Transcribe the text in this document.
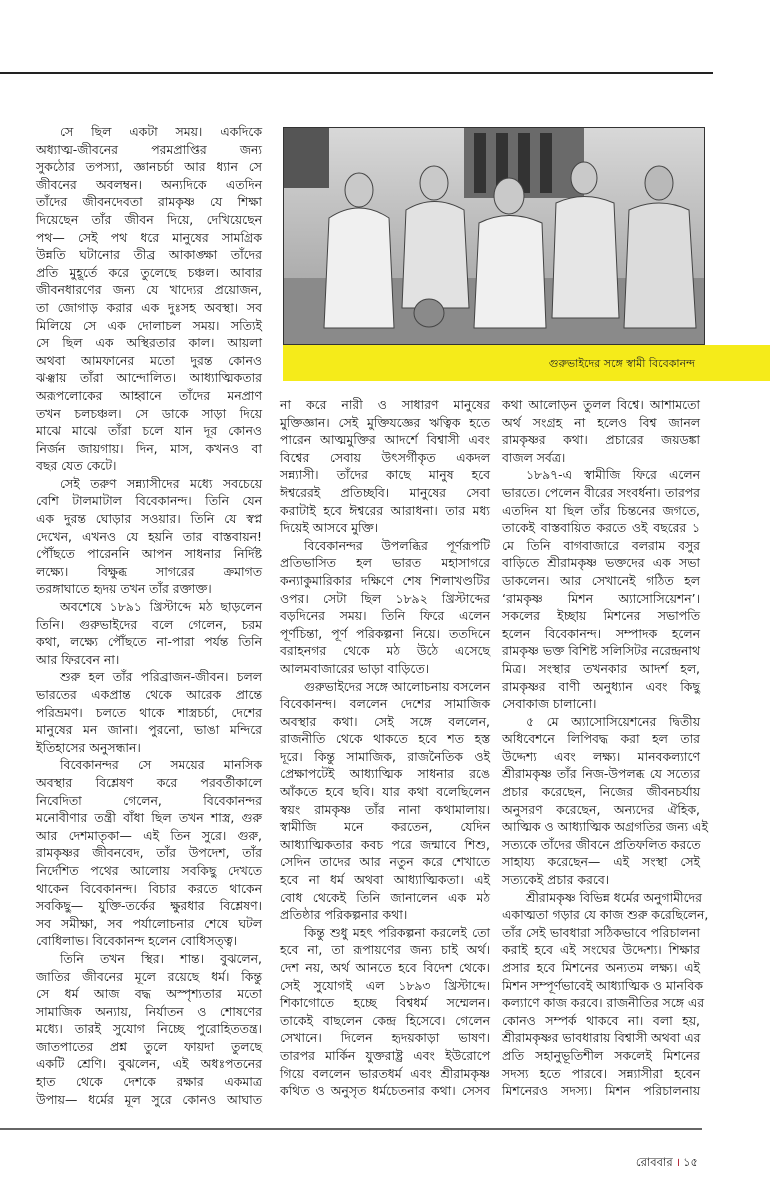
সে ছিল একটা সময়। একদিকে
অধ্যাত্ম-জীবনের পরমপ্রাপ্তির জন্য
সুকঠোর তপস্যা, জ্ঞানচর্চা আর ধ্যান সে
জীবনের অবলম্বন। অন্যদিকে এতদিন
তাঁদের জীবনদেবতা রামকৃষ্ণ যে শিক্ষা
দিয়েছেন তাঁর জীবন দিয়ে, দেখিয়েছেন
পথ— সেই পথ ধরে মানুষের সামগ্রিক
উন্নতি ঘটানোর তীব্র আকাঙ্ক্ষা তাঁদের
প্রতি মুহূর্তে করে তুলেছে চঞ্চল। আবার
জীবনধারণের জন্য যে খাদ্যের প্রয়োজন,
তা জোগাড় করার এক দুঃসহ অবস্থা। সব
মিলিয়ে সে এক দোলাচল সময়। সত্যিই
সে ছিল এক অস্থিরতার কাল। আয়লা
অথবা আমফানের মতো দুরন্ত কোনও
ঝঞ্ঝায় তাঁরা আন্দোলিত। আধ্যাত্মিকতার
অরূপলোকের আহ্বানে তাঁদের মনপ্রাণ
তখন চলচঞ্চল। সে ডাকে সাড়া দিয়ে
মাঝে মাঝে তাঁরা চলে যান দূর কোনও
নির্জন জায়গায়। দিন, মাস, কখনও বা
বছর যেত কেটে।
সেই তরুণ সন্ন্যাসীদের মধ্যে সবচেয়ে
বেশি টালমাটাল বিবেকানন্দ। তিনি যেন
এক দুরন্ত ঘোড়ার সওয়ার। তিনি যে স্বপ্ন
দেখেন, এখনও যে হয়নি তার বাস্তবায়ন!
পৌঁছতে পারেননি আপন সাধনার নির্দিষ্ট
লক্ষ্যে। বিক্ষুব্ধ সাগরের ক্রমাগত
তরঙ্গাঘাতে হৃদয় তখন তাঁর রক্তাক্ত।
অবশেষে ১৮৯১ খ্রিস্টাব্দে মঠ ছাড়লেন
তিনি। গুরুভাইদের বলে গেলেন, চরম
কথা, লক্ষ্যে পৌঁছতে না-পারা পর্যন্ত তিনি
আর ফিরবেন না।
শুরু হল তাঁর পরিব্রাজন-জীবন। চলল
ভারতের একপ্রান্ত থেকে আরেক প্রান্তে
পরিভ্রমণ। চলতে থাকে শাস্ত্রচর্চা, দেশের
মানুষের মন জানা। পুরনো, ভাঙা মন্দিরে
ইতিহাসের অনুসন্ধান।
বিবেকানন্দর সে সময়ের মানসিক
অবস্থার বিশ্লেষণ করে পরবর্তীকালে
নিবেদিতা গেলেন, বিবেকানন্দর
মনোবীণার তন্ত্রী বাঁধা ছিল তখন শাস্ত্র, গুরু
আর দেশমাতৃকা— এই তিন সুরে। গুরু,
রামকৃষ্ণর জীবনবেদ, তাঁর উপদেশ, তাঁর
নির্দেশিত পথের আলোয় সবকিছু দেখতে
থাকেন বিবেকানন্দ। বিচার করতে থাকেন
সবকিছু— যুক্তি-তর্কের ক্ষুরধার বিশ্লেষণ।
সব সমীক্ষা, সব পর্যালোচনার শেষে ঘটল
বোধিলাভ। বিবেকানন্দ হলেন বোধিসত্ত্ব।
তিনি তখন স্থির। শান্ত। বুঝলেন,
জাতির জীবনের মূলে রয়েছে ধর্ম। কিন্তু
সে ধর্ম আজ বদ্ধ অস্পৃশ্যতার মতো
সামাজিক অন্যায়, নির্যাতন ও শোষণের
মধ্যে। তারই সুযোগ নিচ্ছে পুরোহিততন্ত্র।
জাতপাতের প্রশ্ন তুলে ফায়দা তুলছে
একটি শ্রেণি। বুঝলেন, এই অধঃপতনের
হাত থেকে দেশকে রক্ষার একমাত্র
উপায়— ধর্মের মূল সুরে কোনও আঘাত
গুরুভাইদের সঙ্গে স্বামী বিবেকানন্দ
না করে নারী ও সাধারণ মানুষের
মুক্তিজ্ঞান। সেই মুক্তিযজ্ঞের ঋত্বিক হতে
পারেন আত্মমুক্তির আদর্শে বিশ্বাসী এবং
বিশ্বের সেবায় উৎসর্গীকৃত একদল
সন্ন্যাসী। তাঁদের কাছে মানুষ হবে
ঈশ্বরেরই প্রতিচ্ছবি। মানুষের সেবা
করাটাই হবে ঈশ্বরের আরাধনা। তার মধ্য
দিয়েই আসবে মুক্তি।
বিবেকানন্দর উপলব্ধির পূর্ণরূপটি
প্রতিভাসিত হল ভারত মহাসাগরে
কন্যাকুমারিকার দক্ষিণে শেষ শিলাখণ্ডটির
ওপর। সেটা ছিল ১৮৯২ খ্রিস্টাব্দের
বড়দিনের সময়। তিনি ফিরে এলেন
পূর্ণচিন্তা, পূর্ণ পরিকল্পনা নিয়ে। ততদিনে
বরাহনগর থেকে মঠ উঠে এসেছে
আলমবাজারের ভাড়া বাড়িতে।
গুরুভাইদের সঙ্গে আলোচনায় বসলেন
বিবেকানন্দ। বললেন দেশের সামাজিক
অবস্থার কথা। সেই সঙ্গে বললেন,
রাজনীতি থেকে থাকতে হবে শত হস্ত
দূরে। কিন্তু সামাজিক, রাজনৈতিক ওই
প্রেক্ষাপটেই আধ্যাত্মিক সাধনার রঙে
আঁকতে হবে ছবি। যার কথা বলেছিলেন
স্বয়ং রামকৃষ্ণ তাঁর নানা কথামালায়।
স্বামীজি মনে করতেন, যেদিন
আধ্যাত্মিকতার কবচ পরে জন্মাবে শিশু,
সেদিন তাদের আর নতুন করে শেখাতে
হবে না ধর্ম অথবা আধ্যাত্মিকতা। এই
বোধ থেকেই তিনি জানালেন এক মঠ
প্রতিষ্ঠার পরিকল্পনার কথা।
কিন্তু শুধু মহৎ পরিকল্পনা করলেই তো
হবে না, তা রূপায়ণের জন্য চাই অর্থ।
দেশ নয়, অর্থ আনতে হবে বিদেশ থেকে।
সেই সুযোগই এল ১৮৯৩ খ্রিস্টাব্দে।
শিকাগোতে হচ্ছে বিশ্বধর্ম সম্মেলন।
তাকেই বাছলেন কেন্দ্র হিসেবে। গেলেন
সেখানে। দিলেন হৃদয়কাড়া ভাষণ।
তারপর মার্কিন যুক্তরাষ্ট্র এবং ইউরোপে
গিয়ে বললেন ভারতধর্ম এবং শ্রীরামকৃষ্ণ
কথিত ও অনুসৃত ধর্মচেতনার কথা। সেসব
কথা আলোড়ন তুলল বিশ্বে। আশামতো
অর্থ সংগ্রহ না হলেও বিশ্ব জানল
রামকৃষ্ণর কথা। প্রচারের জয়ডঙ্কা
বাজল সর্বত্র।
১৮৯৭-এ স্বামীজি ফিরে এলেন
ভারতে। পেলেন বীরের সংবর্ধনা। তারপর
এতদিন যা ছিল তাঁর চিন্তনের জগতে,
তাকেই বাস্তবায়িত করতে ওই বছরের ১
মে তিনি বাগবাজারে বলরাম বসুর
বাড়িতে শ্রীরামকৃষ্ণ ভক্তদের এক সভা
ডাকলেন। আর সেখানেই গঠিত হল
‘রামকৃষ্ণ মিশন অ্যাসোসিয়েশন’।
সকলের ইচ্ছায় মিশনের সভাপতি
হলেন বিবেকানন্দ। সম্পাদক হলেন
রামকৃষ্ণ ভক্ত বিশিষ্ট সলিসিটর নরেন্দ্রনাথ
মিত্র। সংস্থার তখনকার আদর্শ হল,
রামকৃষ্ণর বাণী অনুধ্যান এবং কিছু
সেবাকাজ চালানো।
৫ মে অ্যাসোসিয়েশনের দ্বিতীয়
অধিবেশনে লিপিবদ্ধ করা হল তার
উদ্দেশ্য এবং লক্ষ্য। মানবকল্যাণে
শ্রীরামকৃষ্ণ তাঁর নিজ-উপলব্ধ যে সত্যের
প্রচার করেছেন, নিজের জীবনচর্যায়
অনুসরণ করেছেন, অন্যদের ঐহিক,
আত্মিক ও আধ্যাত্মিক অগ্রগতির জন্য এই
সত্যকে তাঁদের জীবনে প্রতিফলিত করতে
সাহায্য করেছেন— এই সংস্থা সেই
সত্যকেই প্রচার করবে।
শ্রীরামকৃষ্ণ বিভিন্ন ধর্মের অনুগামীদের
একাত্মতা গড়ার যে কাজ শুরু করেছিলেন,
তাঁর সেই ভাবধারা সঠিকভাবে পরিচালনা
করাই হবে এই সংঘের উদ্দেশ্য। শিক্ষার
প্রসার হবে মিশনের অন্যতম লক্ষ্য। এই
মিশন সম্পূর্ণভাবেই আধ্যাত্মিক ও মানবিক
কল্যাণে কাজ করবে। রাজনীতির সঙ্গে এর
কোনও সম্পর্ক থাকবে না। বলা হয়,
শ্রীরামকৃষ্ণর ভাবধারায় বিশ্বাসী অথবা এর
প্রতি সহানুভূতিশীল সকলেই মিশনের
সদস্য হতে পারবে। সন্ন্যাসীরা হবেন
মিশনেরও সদস্য। মিশন পরিচালনায়
রোববার । ১৫
